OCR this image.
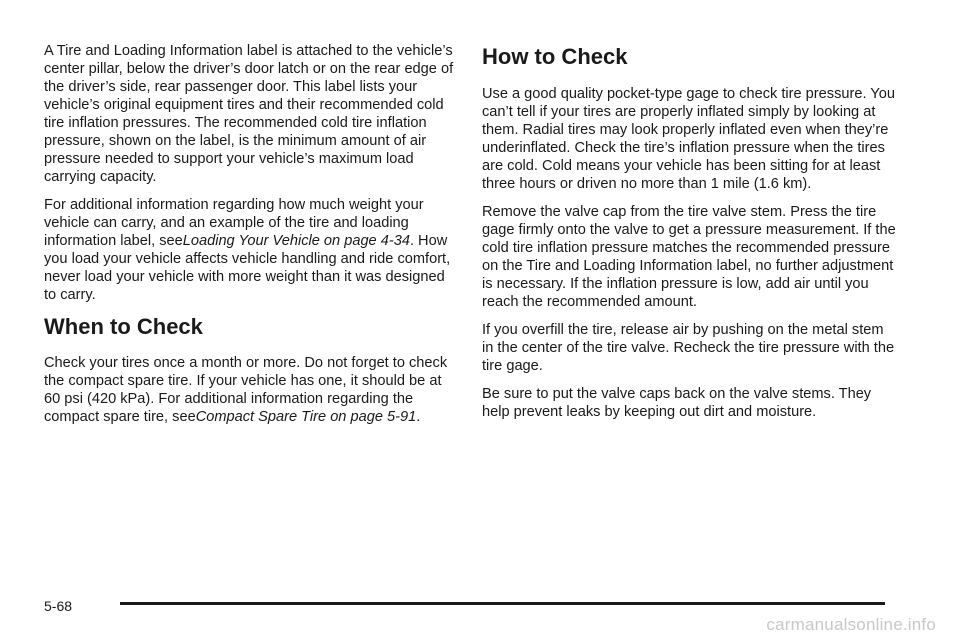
A Tire and Loading Information label is attached to the vehicle’s center pillar, below the driver’s door latch or on the rear edge of the driver’s side, rear passenger door. This label lists your vehicle’s original equipment tires and their recommended cold tire inflation pressures. The recommended cold tire inflation pressure, shown on the label, is the minimum amount of air pressure needed to support your vehicle’s maximum load carrying capacity.

For additional information regarding how much weight your vehicle can carry, and an example of the tire and loading information label, seeLoading Your Vehicle on page 4-34. How you load your vehicle affects vehicle handling and ride comfort, never load your vehicle with more weight than it was designed to carry.

When to Check

Check your tires once a month or more. Do not forget to check the compact spare tire. If your vehicle has one, it should be at 60 psi (420 kPa). For additional information regarding the compact spare tire, seeCompact Spare Tire on page 5-91.

How to Check

Use a good quality pocket-type gage to check tire pressure. You can’t tell if your tires are properly inflated simply by looking at them. Radial tires may look properly inflated even when they’re underinflated. Check the tire’s inflation pressure when the tires are cold. Cold means your vehicle has been sitting for at least three hours or driven no more than 1 mile (1.6 km).

Remove the valve cap from the tire valve stem. Press the tire gage firmly onto the valve to get a pressure measurement. If the cold tire inflation pressure matches the recommended pressure on the Tire and Loading Information label, no further adjustment is necessary. If the inflation pressure is low, add air until you reach the recommended amount.

If you overfill the tire, release air by pushing on the metal stem in the center of the tire valve. Recheck the tire pressure with the tire gage.

Be sure to put the valve caps back on the valve stems. They help prevent leaks by keeping out dirt and moisture.

5-68
carmanualsonline.info
